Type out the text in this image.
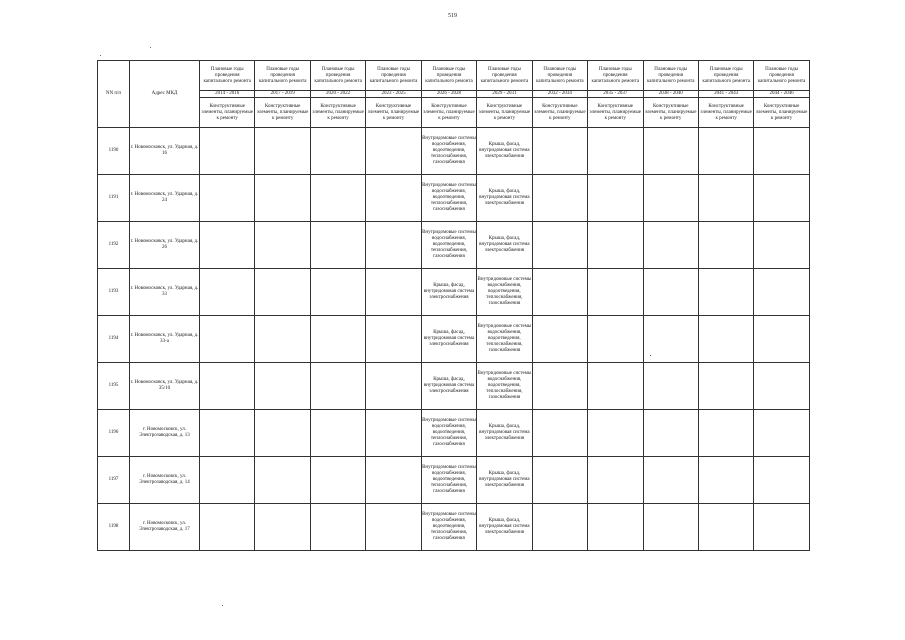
519
NN п/п	Адрес МКД	Плановые годы проведения капитального ремонта	Плановые годы проведения капитального ремонта	Плановые годы проведения капитального ремонта	Плановые годы проведения капитального ремонта	Плановые годы проведения капитального ремонта	Плановые годы проведения капитального ремонта	Плановые годы проведения капитального ремонта	Плановые годы проведения капитального ремонта	Плановые годы проведения капитального ремонта	Плановые годы проведения капитального ремонта	Плановые годы проведения капитального ремонта
		2014 - 2016	2017 - 2019	2020 - 2022	2023 - 2025	2026 - 2028	2029 - 2031	2032 - 2034	2035 - 2037	2038 - 2040	2041 - 2043	2044 - 2046
		Конструктивные элементы, планируемые к ремонту	Конструктивные элементы, планируемые к ремонту	Конструктивные элементы, планируемые к ремонту	Конструктивные элементы, планируемые к ремонту	Конструктивные элементы, планируемые к ремонту	Конструктивные элементы, планируемые к ремонту	Конструктивные элементы, планируемые к ремонту	Конструктивные элементы, планируемые к ремонту	Конструктивные элементы, планируемые к ремонту	Конструктивные элементы, планируемые к ремонту	Конструктивные элементы, планируемые к ремонту
1190	г. Новомосковск, ул. Ударная, д. 16					Внутридомовые системы водоснабжения, водоотведения, теплоснабжения, газоснабжения	Крыша, фасад, внутридомовая система электроснабжения					
1191	г. Новомосковск, ул. Ударная, д. 24					Внутридомовые системы водоснабжения, водоотведения, теплоснабжения, газоснабжения	Крыша, фасад, внутридомовая система электроснабжения					
1192	г. Новомосковск, ул. Ударная, д. 26					Внутридомовые системы водоснабжения, водоотведения, теплоснабжения, газоснабжения	Крыша, фасад, внутридомовая система электроснабжения					
1193	г. Новомосковск, ул. Ударная, д. 33					Крыша, фасад, внутридомовая система электроснабжения	Внутридомовые системы водоснабжения, водоотведения, теплоснабжения, газоснабжения					
1194	г. Новомосковск, ул. Ударная, д. 33-а					Крыша, фасад, внутридомовая система электроснабжения	Внутридомовые системы водоснабжения, водоотведения, теплоснабжения, газоснабжения					
1195	г. Новомосковск, ул. Ударная, д. 35/10					Крыша, фасад, внутридомовая система электроснабжения	Внутридомовые системы водоснабжения, водоотведения, теплоснабжения, газоснабжения					
1196	г. Новомосковск, ул. Электрозаводская, д. 13					Внутридомовые системы водоснабжения, водоотведения, теплоснабжения, газоснабжения	Крыша, фасад, внутридомовая система электроснабжения					
1197	г. Новомосковск, ул. Электрозаводская, д. 14					Внутридомовые системы водоснабжения, водоотведения, теплоснабжения, газоснабжения	Крыша, фасад, внутридомовая система электроснабжения					
1198	г. Новомосковск, ул. Электрозаводская, д. 17					Внутридомовые системы водоснабжения, водоотведения, теплоснабжения, газоснабжения	Крыша, фасад, внутридомовая система электроснабжения					
